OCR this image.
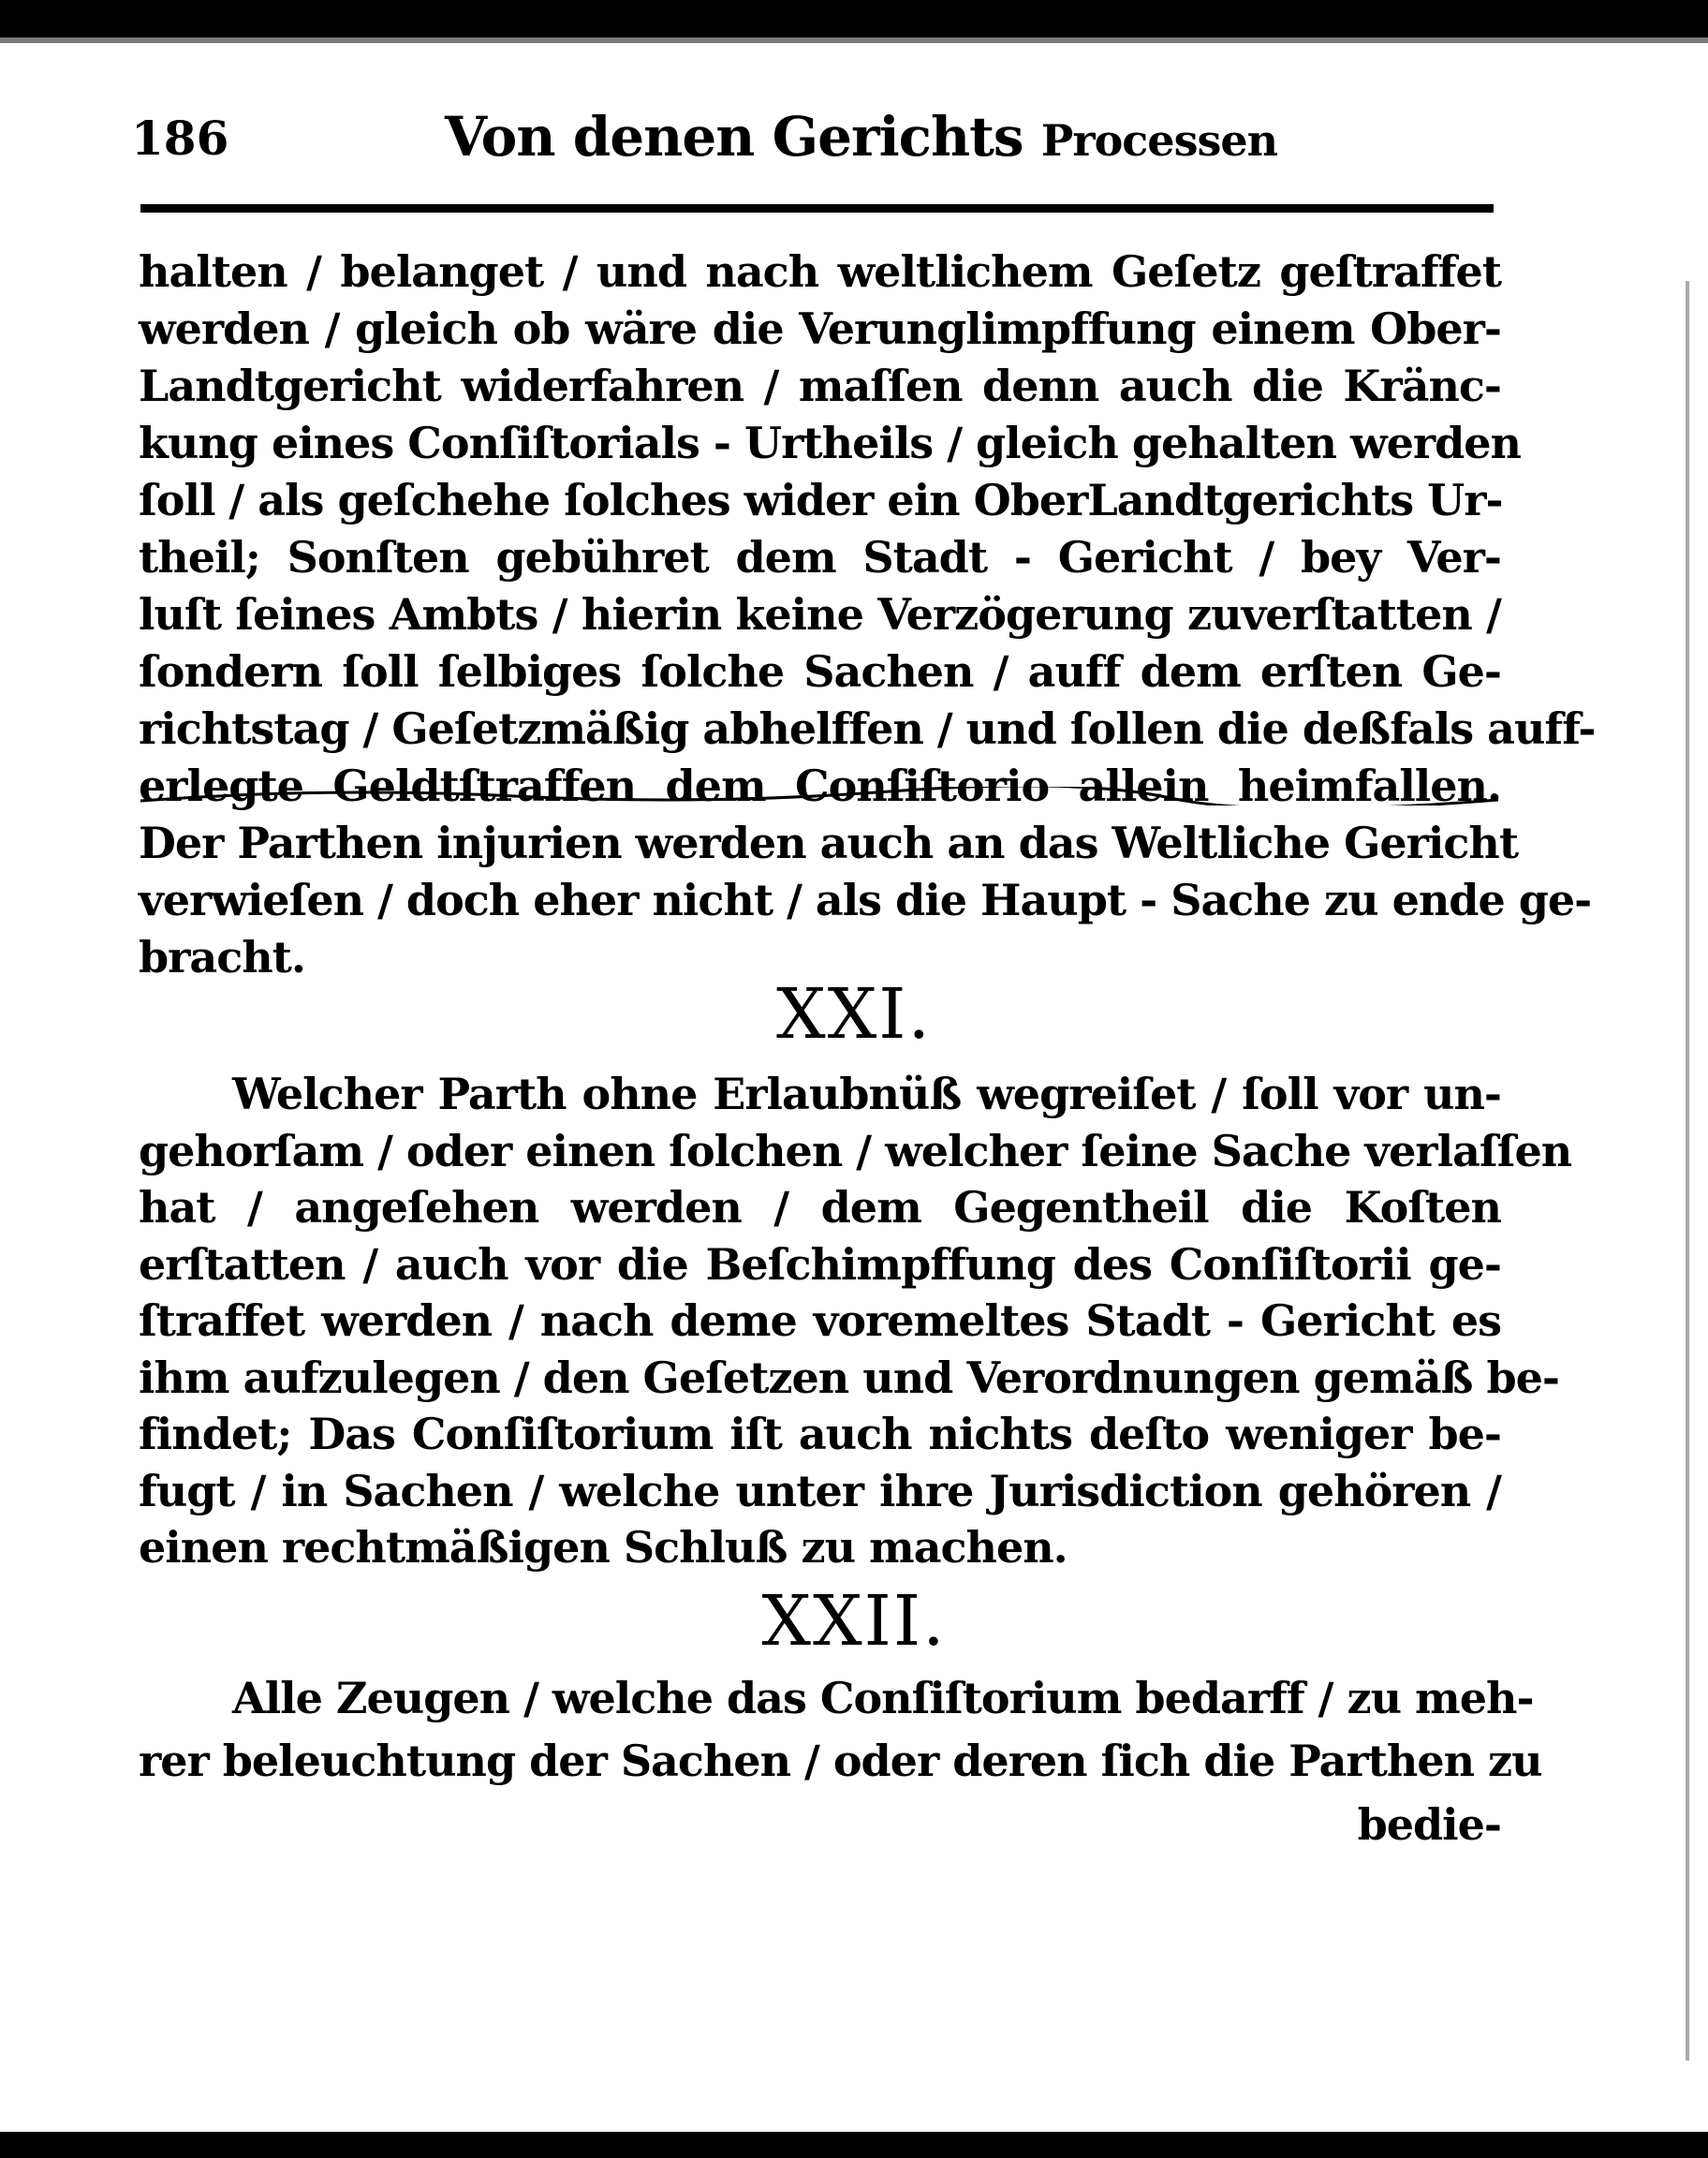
186	Von denen Gerichts Processen
halten / belanget / und nach weltlichem Geſetz geſtraffet
werden / gleich ob wäre die Verunglimpffung einem Ober-
Landtgericht widerfahren / maſſen denn auch die Kränc-
kung eines Conſiſtorials - Urtheils / gleich gehalten werden
ſoll / als geſchehe ſolches wider ein OberLandtgerichts Ur-
theil; Sonſten gebühret dem Stadt - Gericht / bey Ver-
luſt ſeines Ambts / hierin keine Verzögerung zuverſtatten /
ſondern ſoll ſelbiges ſolche Sachen / auff dem erſten Ge-
richtstag / Geſetzmäßig abhelffen / und ſollen die deßfals auff-
erlegte Geldtſtraffen dem Conſiſtorio allein heimfallen.
Der Parthen injurien werden auch an das Weltliche Gericht
verwieſen / doch eher nicht / als die Haupt - Sache zu ende ge-
bracht.
XXI.
Welcher Parth ohne Erlaubnüß wegreiſet / ſoll vor un-
gehorſam / oder einen ſolchen / welcher ſeine Sache verlaſſen
hat / angeſehen werden / dem Gegentheil die Koſten
erſtatten / auch vor die Beſchimpffung des Conſiſtorii ge-
ſtraffet werden / nach deme voremeltes Stadt - Gericht es
ihm aufzulegen / den Geſetzen und Verordnungen gemäß be-
findet; Das Conſiſtorium iſt auch nichts deſto weniger be-
fugt / in Sachen / welche unter ihre Jurisdiction gehören /
einen rechtmäßigen Schluß zu machen.
XXII.
Alle Zeugen / welche das Conſiſtorium bedarff / zu meh-
rer beleuchtung der Sachen / oder deren ſich die Parthen zu
bedie-
